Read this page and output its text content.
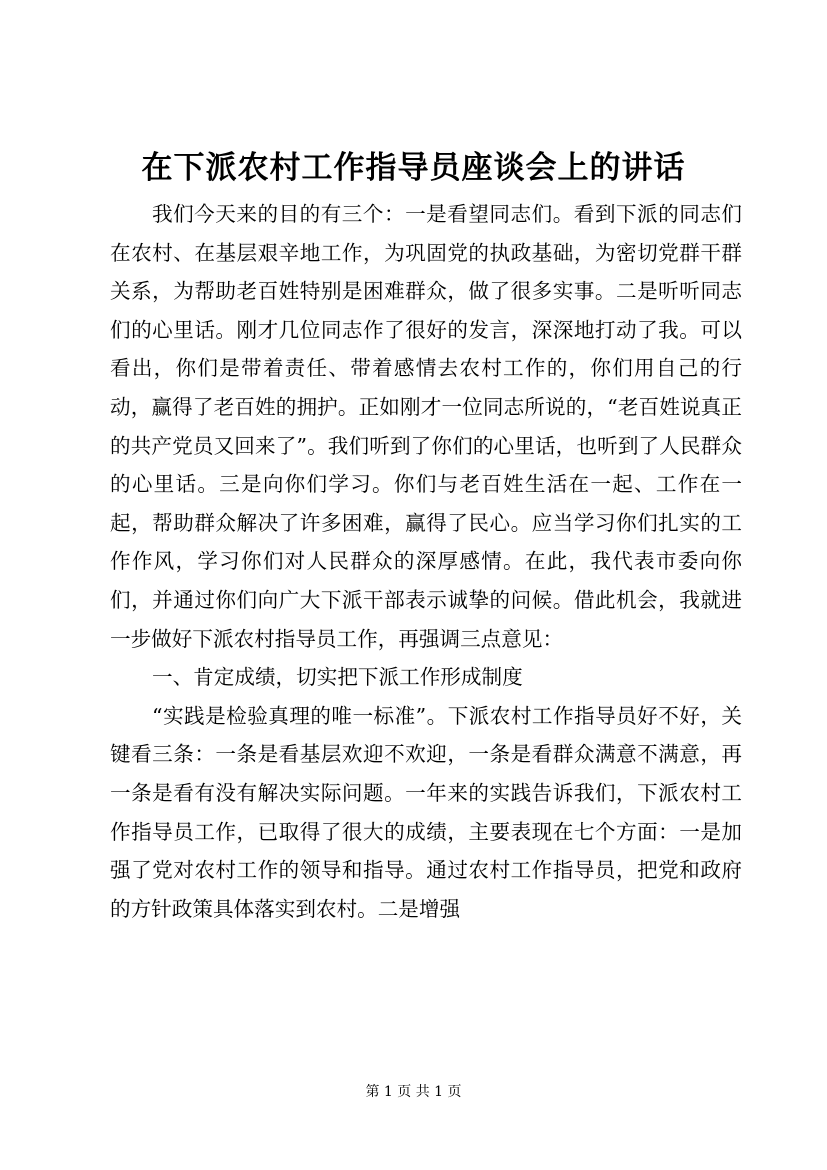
在下派农村工作指导员座谈会上的讲话

我们今天来的目的有三个：一是看望同志们。看到下派的同志们在农村、在基层艰辛地工作，为巩固党的执政基础，为密切党群干群关系，为帮助老百姓特别是困难群众，做了很多实事。二是听听同志们的心里话。刚才几位同志作了很好的发言，深深地打动了我。可以看出，你们是带着责任、带着感情去农村工作的，你们用自己的行动，赢得了老百姓的拥护。正如刚才一位同志所说的，“老百姓说真正的共产党员又回来了”。我们听到了你们的心里话，也听到了人民群众的心里话。三是向你们学习。你们与老百姓生活在一起、工作在一起，帮助群众解决了许多困难，赢得了民心。应当学习你们扎实的工作作风，学习你们对人民群众的深厚感情。在此，我代表市委向你们，并通过你们向广大下派干部表示诚挚的问候。借此机会，我就进一步做好下派农村指导员工作，再强调三点意见：

一、肯定成绩，切实把下派工作形成制度

“实践是检验真理的唯一标准”。下派农村工作指导员好不好，关键看三条：一条是看基层欢迎不欢迎，一条是看群众满意不满意，再一条是看有没有解决实际问题。一年来的实践告诉我们，下派农村工作指导员工作，已取得了很大的成绩，主要表现在七个方面：一是加强了党对农村工作的领导和指导。通过农村工作指导员，把党和政府的方针政策具体落实到农村。二是增强

第 1 页 共 1 页
